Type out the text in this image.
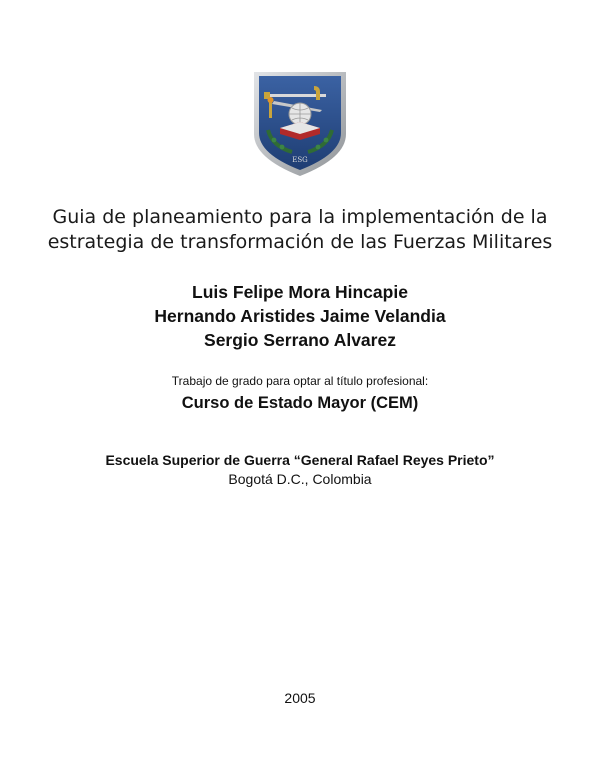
ESG
Guia de planeamiento para la implementación de la
estrategia de transformación de las Fuerzas Militares
Luis Felipe Mora Hincapie
Hernando Aristides Jaime Velandia
Sergio Serrano Alvarez
Trabajo de grado para optar al título profesional:
Curso de Estado Mayor (CEM)
Escuela Superior de Guerra “General Rafael Reyes Prieto”
Bogotá D.C., Colombia
2005
